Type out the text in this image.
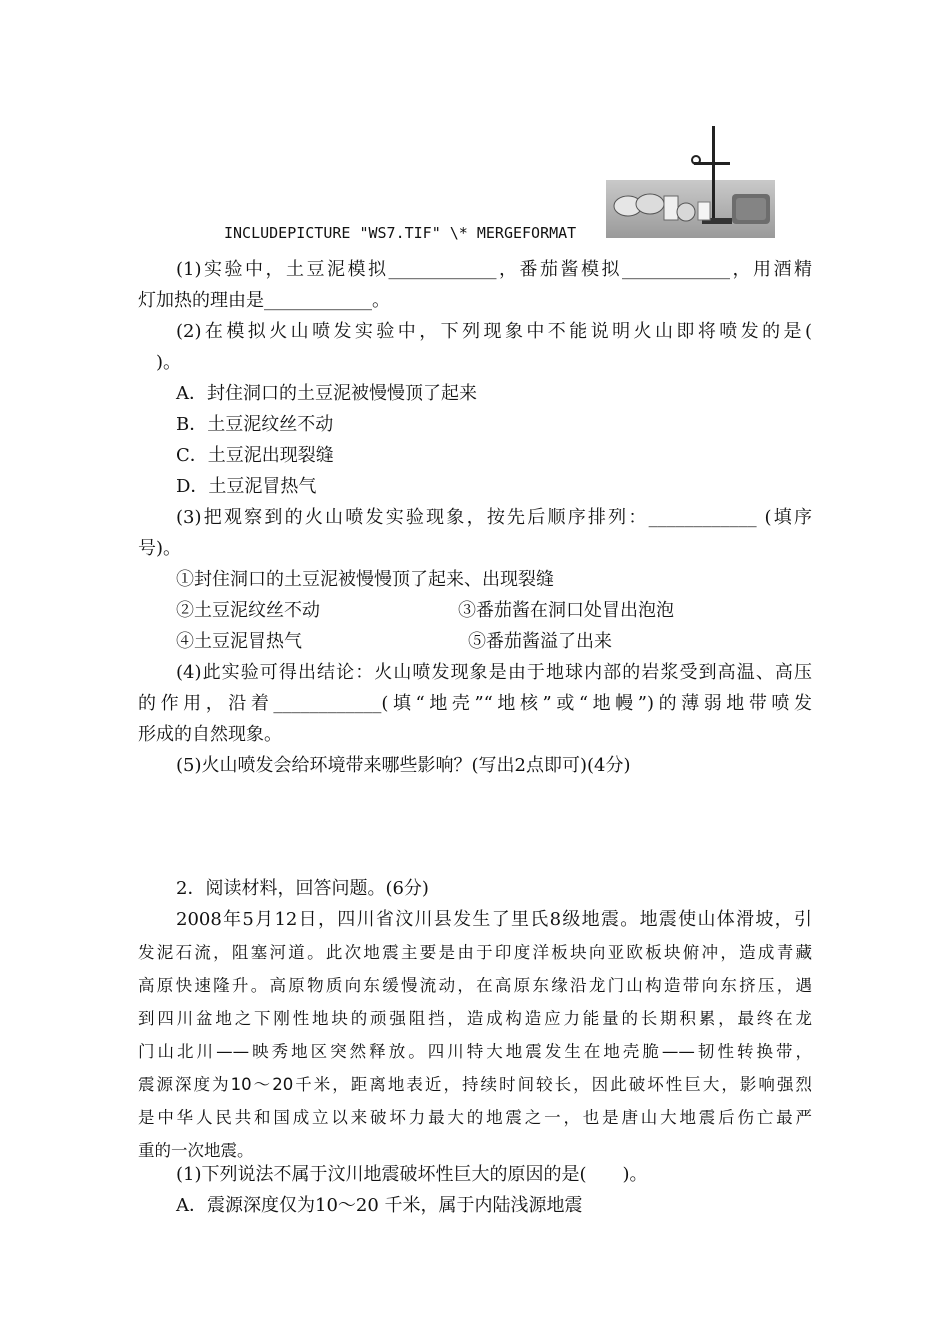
INCLUDEPICTURE "WS7.TIF" \* MERGEFORMAT
(1)实验中，土豆泥模拟____________，番茄酱模拟____________，用酒精
灯加热的理由是____________。
(2)在模拟火山喷发实验中，下列现象中不能说明火山即将喷发的是(
　)。
A．封住洞口的土豆泥被慢慢顶了起来
B．土豆泥纹丝不动
C．土豆泥出现裂缝
D．土豆泥冒热气
(3)把观察到的火山喷发实验现象，按先后顺序排列：____________ (填序
号)。
①封住洞口的土豆泥被慢慢顶了起来、出现裂缝
②土豆泥纹丝不动	③番茄酱在洞口处冒出泡泡
④土豆泥冒热气	⑤番茄酱溢了出来
(4)此实验可得出结论：火山喷发现象是由于地球内部的岩浆受到高温、高压
的作用，沿着____________(填“地壳”“地核”或“地幔”)的薄弱地带喷发
形成的自然现象。
(5)火山喷发会给环境带来哪些影响？(写出2点即可)(4分)
2．阅读材料，回答问题。(6分)
2008年5月12日，四川省汶川县发生了里氏8级地震。地震使山体滑坡，引
发泥石流，阻塞河道。此次地震主要是由于印度洋板块向亚欧板块俯冲，造成青藏
高原快速隆升。高原物质向东缓慢流动，在高原东缘沿龙门山构造带向东挤压，遇
到四川盆地之下刚性地块的顽强阻挡，造成构造应力能量的长期积累，最终在龙
门山北川——映秀地区突然释放。四川特大地震发生在地壳脆——韧性转换带，
震源深度为10～20千米，距离地表近，持续时间较长，因此破坏性巨大，影响强烈
是中华人民共和国成立以来破坏力最大的地震之一，也是唐山大地震后伤亡最严
重的一次地震。
(1)下列说法不属于汶川地震破坏性巨大的原因的是(　　)。
A．震源深度仅为10～20 千米，属于内陆浅源地震
